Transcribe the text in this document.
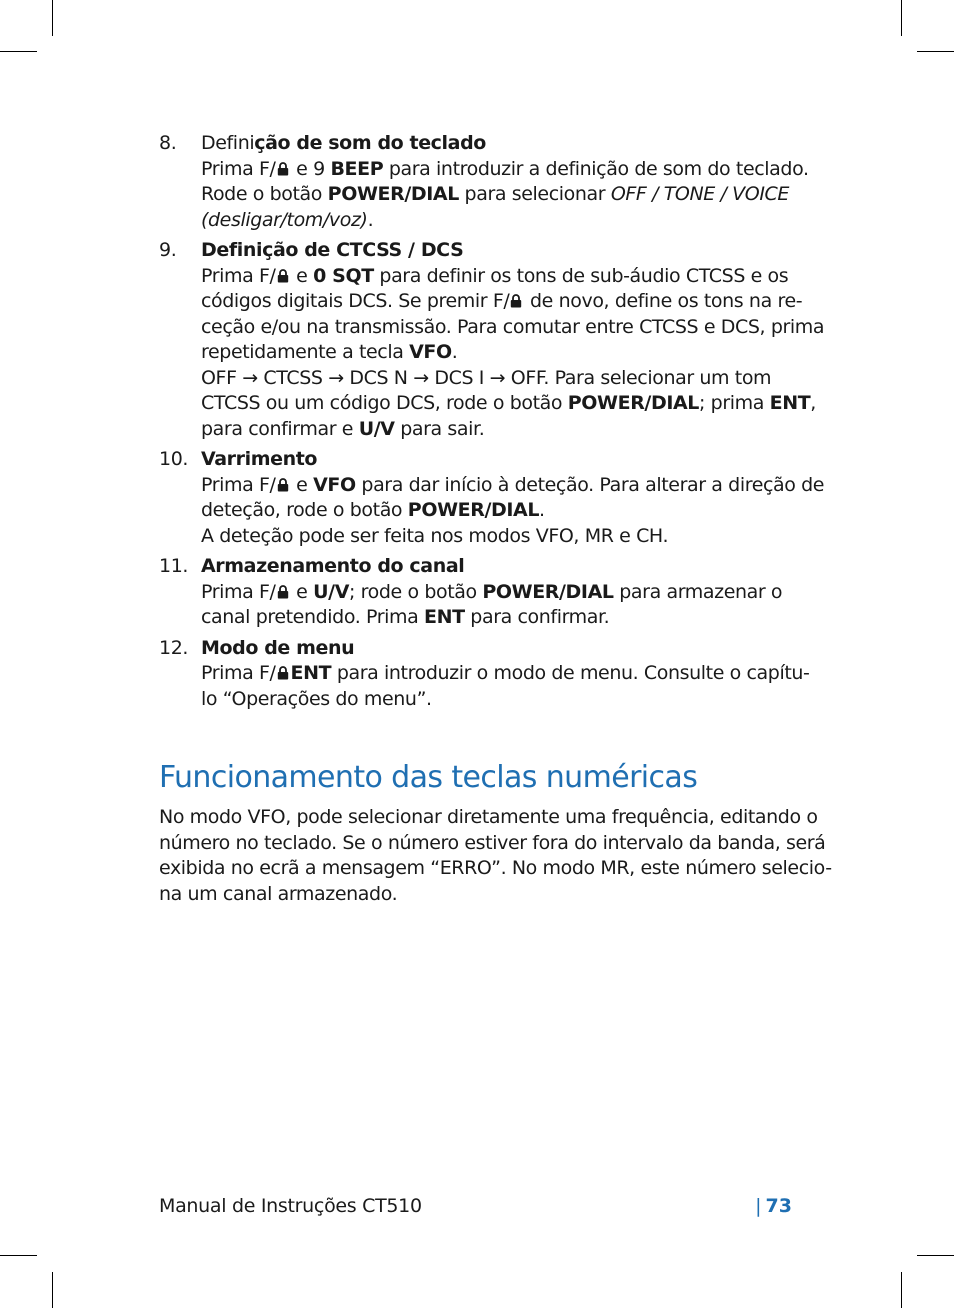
8. Definição de som do teclado
Prima F/ e 9 BEEP para introduzir a definição de som do teclado.
Rode o botão POWER/DIAL para selecionar OFF / TONE / VOICE
(desligar/tom/voz).
9. Definição de CTCSS / DCS
Prima F/ e 0 SQT para definir os tons de sub-áudio CTCSS e os
códigos digitais DCS. Se premir F/ de novo, define os tons na re-
ceção e/ou na transmissão. Para comutar entre CTCSS e DCS, prima
repetidamente a tecla VFO.
OFF → CTCSS → DCS N → DCS I → OFF. Para selecionar um tom
CTCSS ou um código DCS, rode o botão POWER/DIAL; prima ENT,
para confirmar e U/V para sair.
10. Varrimento
Prima F/ e VFO para dar início à deteção. Para alterar a direção de
deteção, rode o botão POWER/DIAL.
A deteção pode ser feita nos modos VFO, MR e CH.
11. Armazenamento do canal
Prima F/ e U/V; rode o botão POWER/DIAL para armazenar o
canal pretendido. Prima ENT para confirmar.
12. Modo de menu
Prima F/ ENT para introduzir o modo de menu. Consulte o capítu-
lo “Operações do menu”.
Funcionamento das teclas numéricas
No modo VFO, pode selecionar diretamente uma frequência, editando o
número no teclado. Se o número estiver fora do intervalo da banda, será
exibida no ecrã a mensagem “ERRO”. No modo MR, este número selecio-
na um canal armazenado.
Manual de Instruções CT510	| 73
